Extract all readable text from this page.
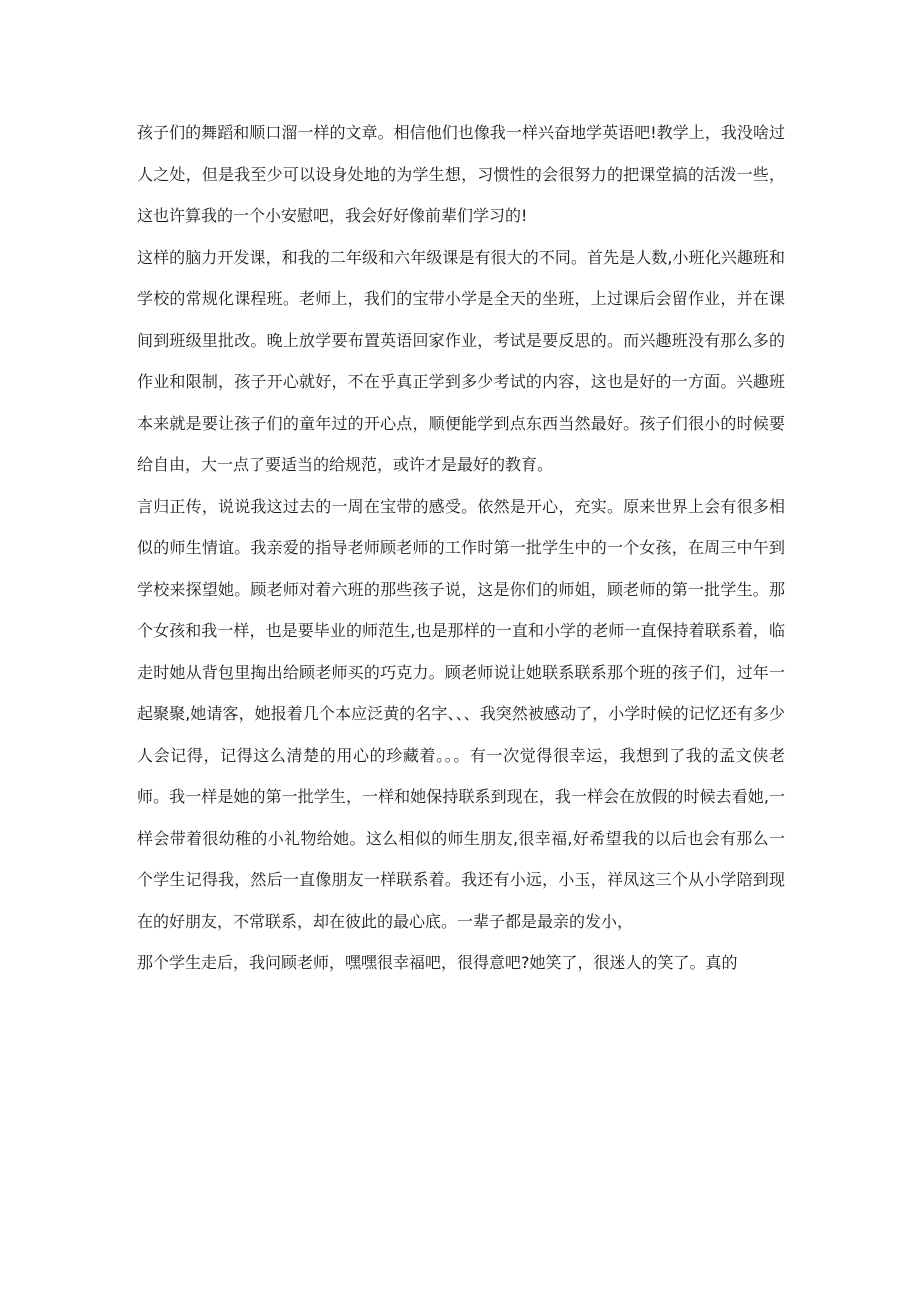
孩子们的舞蹈和顺口溜一样的文章。相信他们也像我一样兴奋地学英语吧!教学上，我没啥过人之处，但是我至少可以设身处地的为学生想，习惯性的会很努力的把课堂搞的活泼一些，这也许算我的一个小安慰吧，我会好好像前辈们学习的!

这样的脑力开发课，和我的二年级和六年级课是有很大的不同。首先是人数,小班化兴趣班和学校的常规化课程班。老师上，我们的宝带小学是全天的坐班，上过课后会留作业，并在课间到班级里批改。晚上放学要布置英语回家作业，考试是要反思的。而兴趣班没有那么多的作业和限制，孩子开心就好，不在乎真正学到多少考试的内容，这也是好的一方面。兴趣班本来就是要让孩子们的童年过的开心点，顺便能学到点东西当然最好。孩子们很小的时候要给自由，大一点了要适当的给规范，或许才是最好的教育。

言归正传，说说我这过去的一周在宝带的感受。依然是开心，充实。原来世界上会有很多相似的师生情谊。我亲爱的指导老师顾老师的工作时第一批学生中的一个女孩，在周三中午到学校来探望她。顾老师对着六班的那些孩子说，这是你们的师姐，顾老师的第一批学生。那个女孩和我一样，也是要毕业的师范生,也是那样的一直和小学的老师一直保持着联系着，临走时她从背包里掏出给顾老师买的巧克力。顾老师说让她联系联系那个班的孩子们，过年一起聚聚,她请客，她报着几个本应泛黄的名字、、、我突然被感动了，小学时候的记忆还有多少人会记得，记得这么清楚的用心的珍藏着。。。有一次觉得很幸运，我想到了我的孟文侠老师。我一样是她的第一批学生，一样和她保持联系到现在，我一样会在放假的时候去看她,一样会带着很幼稚的小礼物给她。这么相似的师生朋友,很幸福,好希望我的以后也会有那么一个学生记得我，然后一直像朋友一样联系着。我还有小远，小玉，祥凤这三个从小学陪到现在的好朋友，不常联系，却在彼此的最心底。一辈子都是最亲的发小，

那个学生走后，我问顾老师，嘿嘿很幸福吧，很得意吧?她笑了，很迷人的笑了。真的
